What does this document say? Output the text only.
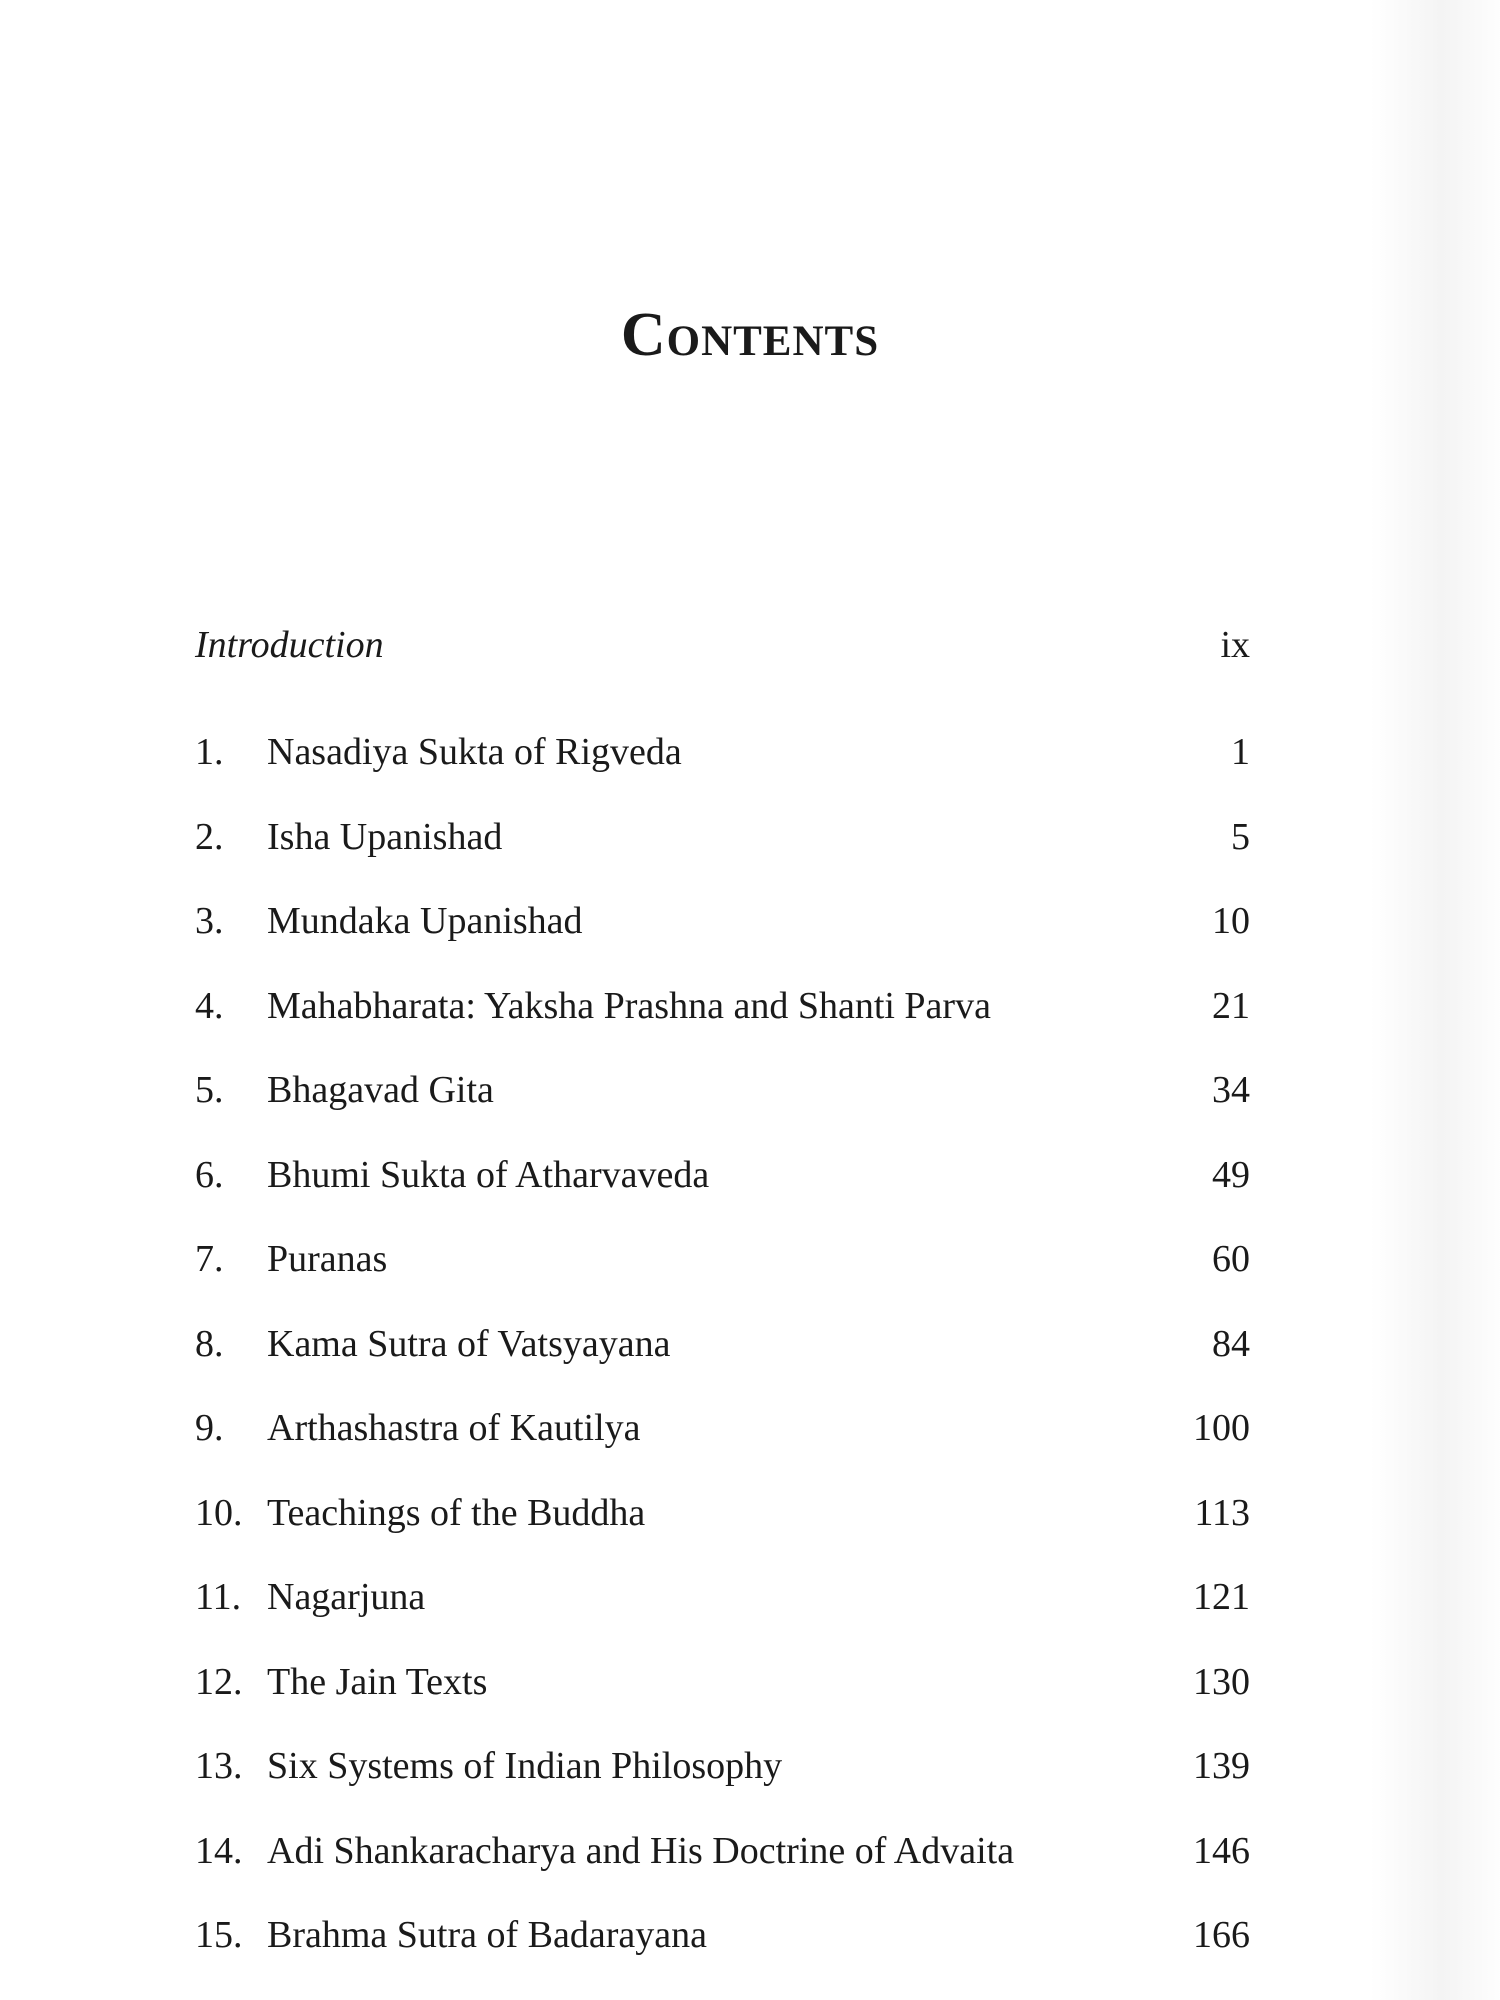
Contents
Introduction	ix
1. Nasadiya Sukta of Rigveda	1
2. Isha Upanishad	5
3. Mundaka Upanishad	10
4. Mahabharata: Yaksha Prashna and Shanti Parva	21
5. Bhagavad Gita	34
6. Bhumi Sukta of Atharvaveda	49
7. Puranas	60
8. Kama Sutra of Vatsyayana	84
9. Arthashastra of Kautilya	100
10. Teachings of the Buddha	113
11. Nagarjuna	121
12. The Jain Texts	130
13. Six Systems of Indian Philosophy	139
14. Adi Shankaracharya and His Doctrine of Advaita	146
15. Brahma Sutra of Badarayana	166
